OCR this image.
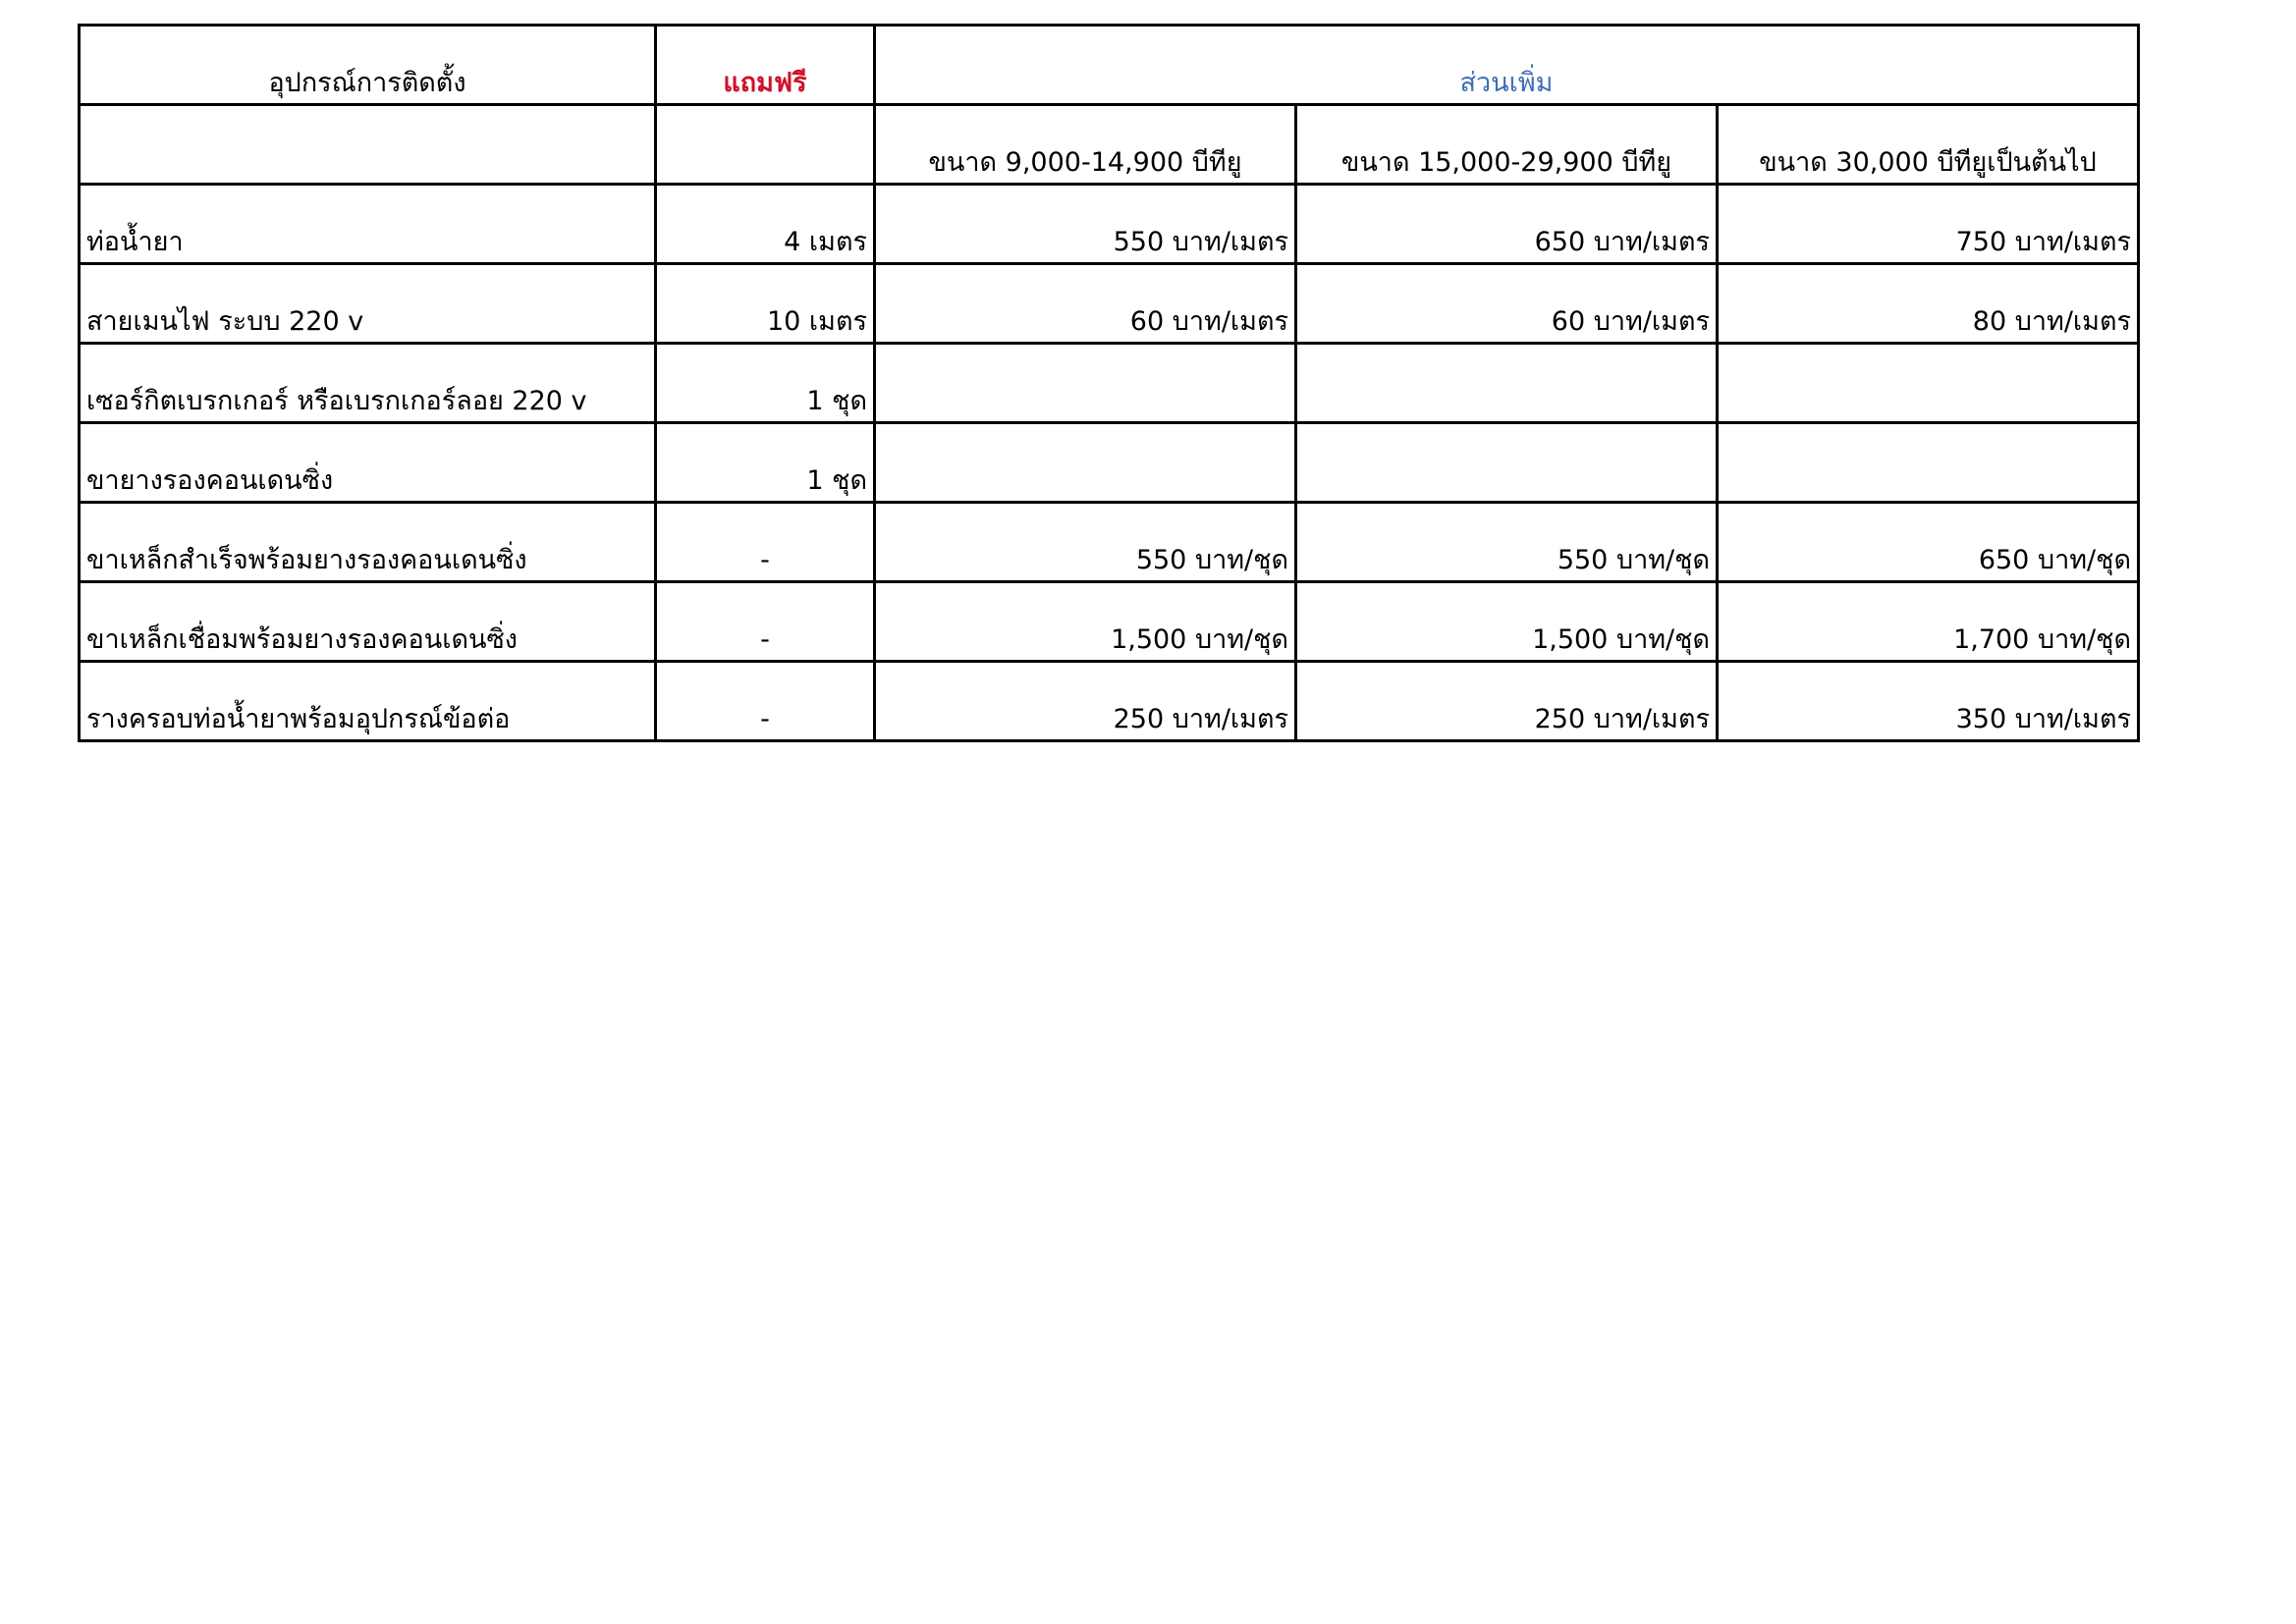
อุปกรณ์การติดตั้ง	แถมฟรี	ส่วนเพิ่ม		
		ขนาด 9,000-14,900 บีทียู	ขนาด 15,000-29,900 บีทียู	ขนาด 30,000 บีทียูเป็นต้นไป
ท่อน้ำยา	4 เมตร	550 บาท/เมตร	650 บาท/เมตร	750 บาท/เมตร
สายเมนไฟ ระบบ 220 v	10 เมตร	60 บาท/เมตร	60 บาท/เมตร	80 บาท/เมตร
เซอร์กิตเบรกเกอร์ หรือเบรกเกอร์ลอย 220 v	1 ชุด			
ขายางรองคอนเดนซิ่ง	1 ชุด			
ขาเหล็กสำเร็จพร้อมยางรองคอนเดนซิ่ง	-	550 บาท/ชุด	550 บาท/ชุด	650 บาท/ชุด
ขาเหล็กเชื่อมพร้อมยางรองคอนเดนซิ่ง	-	1,500 บาท/ชุด	1,500 บาท/ชุด	1,700 บาท/ชุด
รางครอบท่อน้ำยาพร้อมอุปกรณ์ข้อต่อ	-	250 บาท/เมตร	250 บาท/เมตร	350 บาท/เมตร
